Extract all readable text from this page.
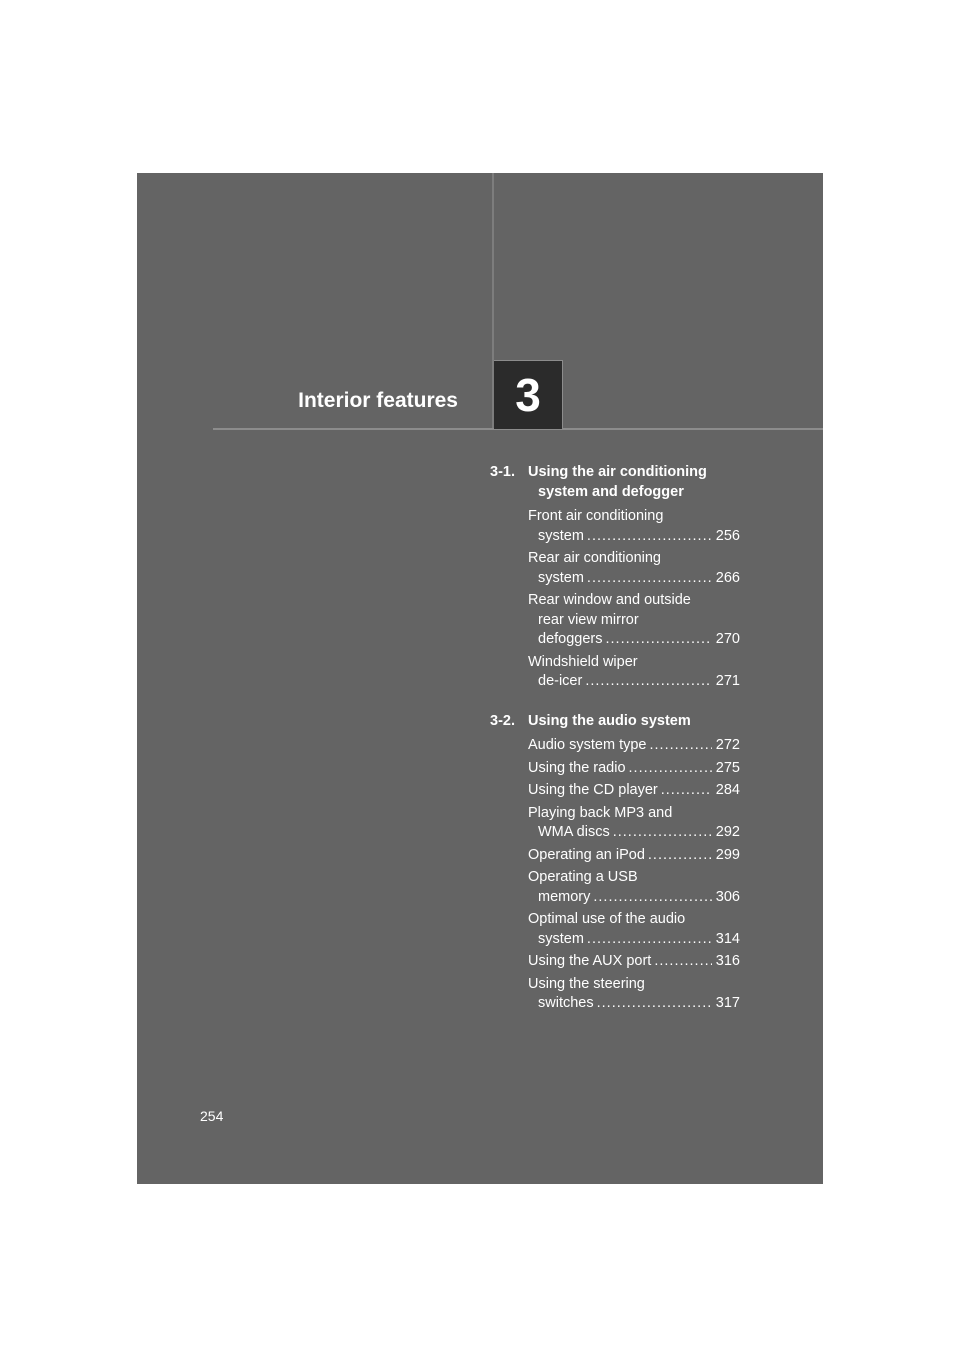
Interior features	3
3-1. Using the air conditioning
system and defogger
Front air conditioning
system .....	256
Rear air conditioning
system .....	266
Rear window and outside
rear view mirror
defoggers .....	270
Windshield wiper
de-icer .....	271
3-2. Using the audio system
Audio system type .....	272
Using the radio .....	275
Using the CD player .....	284
Playing back MP3 and
WMA discs .....	292
Operating an iPod .....	299
Operating a USB
memory .....	306
Optimal use of the audio
system .....	314
Using the AUX port .....	316
Using the steering
switches .....	317
254
